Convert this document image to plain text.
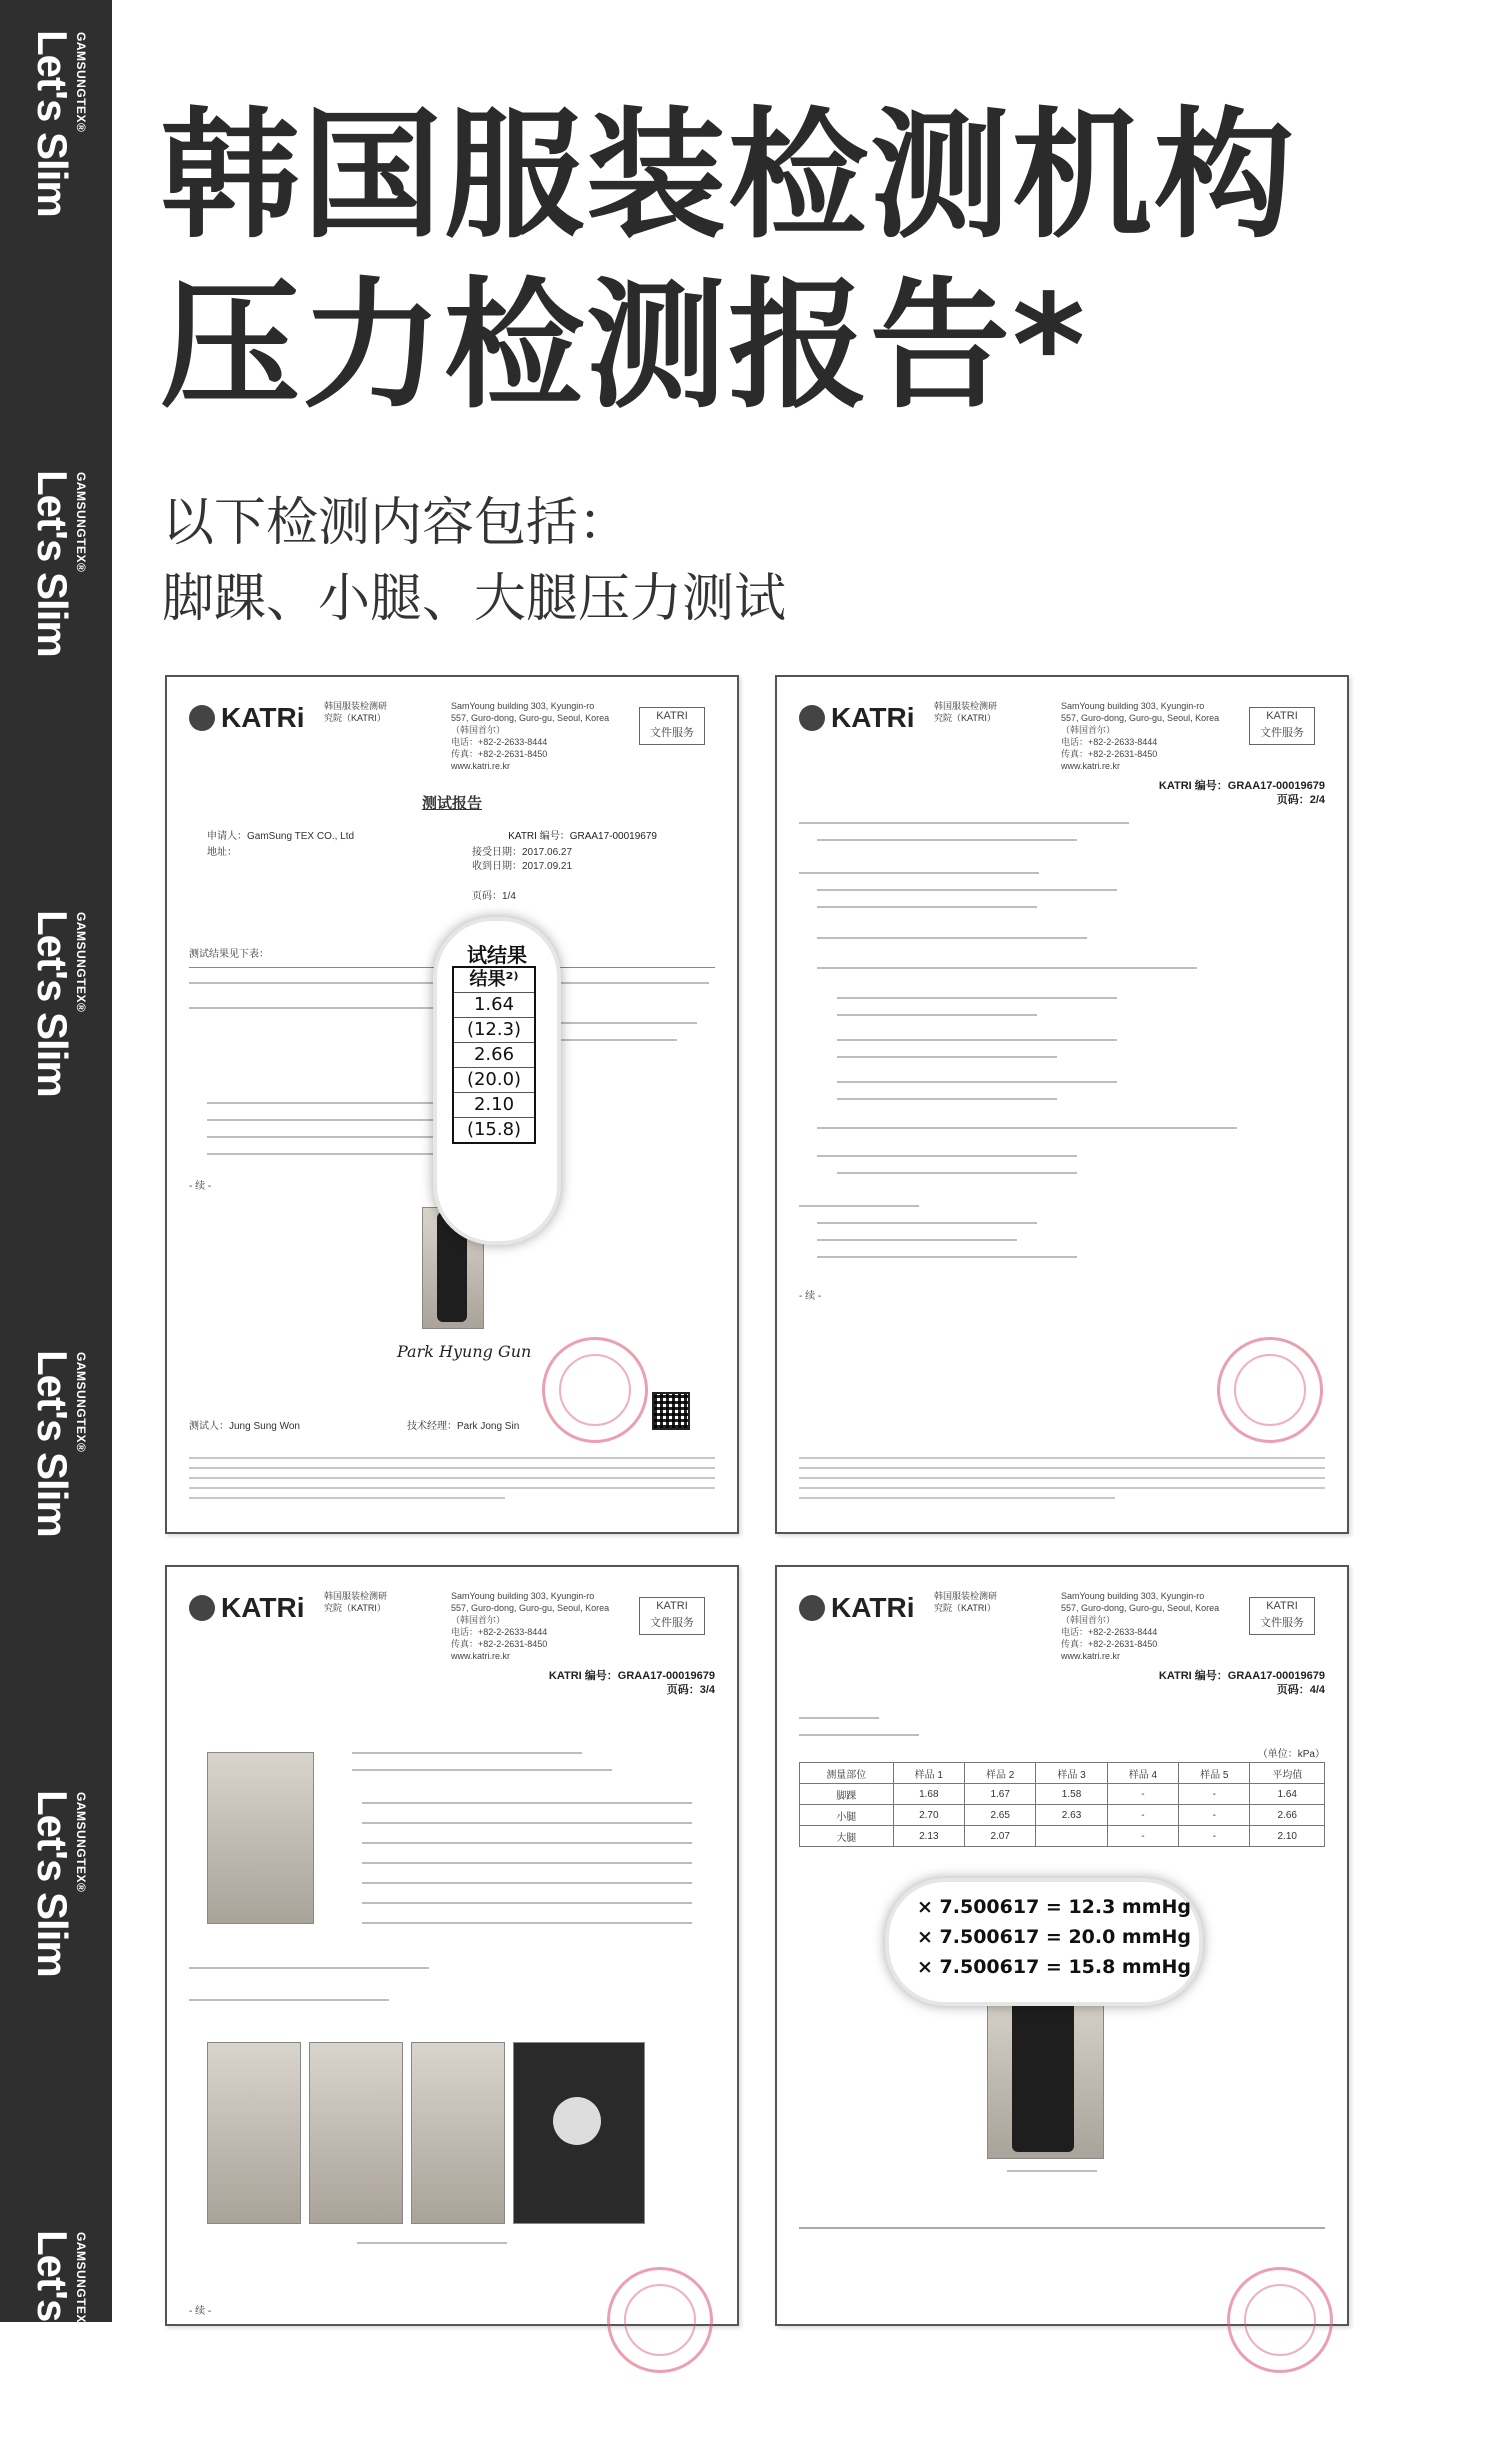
GAMSUNGTEX®
Let's Slim
GAMSUNGTEX®
Let's Slim
GAMSUNGTEX®
Let's Slim
GAMSUNGTEX®
Let's Slim
GAMSUNGTEX®
Let's Slim
GAMSUNGTEX®
Let's Slim
韩国服装检测机构
压力检测报告*
以下检测内容包括：
脚踝、小腿、大腿压力测试
KATRi 韩国服装检测研究院（KATRI）
SamYoung building 303, Kyungin-ro 557, Guro-dong, Guro-gu, Seoul, Korea（韩国首尔）
电话：+82-2-2633-8444
传真：+82-2-2631-8450
www.katri.re.kr
KATRI
文件服务
测试报告
申请人：GamSung TEX CO., Ltd
地址：
KATRI 编号：GRAA17-00019679
接受日期：2017.06.27
收到日期：2017.09.21
页码：1/4
测试结果见下表：
- 续 -
Park Hyung Gun
测试人：Jung Sung Won	技术经理：Park Jong Sin
试结果
结果²⁾
1.64
(12.3)
2.66
(20.0)
2.10
(15.8)
KATRi 韩国服装检测研究院（KATRI）
SamYoung building 303, Kyungin-ro 557, Guro-dong, Guro-gu, Seoul, Korea（韩国首尔）
电话：+82-2-2633-8444
传真：+82-2-2631-8450
www.katri.re.kr
KATRI
文件服务
KATRI 编号：GRAA17-00019679
页码：2/4
- 续 -
KATRi 韩国服装检测研究院（KATRI）
SamYoung building 303, Kyungin-ro 557, Guro-dong, Guro-gu, Seoul, Korea（韩国首尔）
电话：+82-2-2633-8444
传真：+82-2-2631-8450
www.katri.re.kr
KATRI
文件服务
KATRI 编号：GRAA17-00019679
页码：3/4
- 续 -
KATRi 韩国服装检测研究院（KATRI）
SamYoung building 303, Kyungin-ro 557, Guro-dong, Guro-gu, Seoul, Korea（韩国首尔）
电话：+82-2-2633-8444
传真：+82-2-2631-8450
www.katri.re.kr
KATRI
文件服务
KATRI 编号：GRAA17-00019679
页码：4/4
（单位：kPa）
测量部位	样品 1	样品 2	样品 3	样品 4	样品 5	平均值
脚踝	1.68	1.67	1.58	-	-	1.64
小腿	2.70	2.65	2.63	-	-	2.66
大腿	2.13	2.07		-	-	2.10
× 7.500617 = 12.3 mmHg
× 7.500617 = 20.0 mmHg
× 7.500617 = 15.8 mmHg
